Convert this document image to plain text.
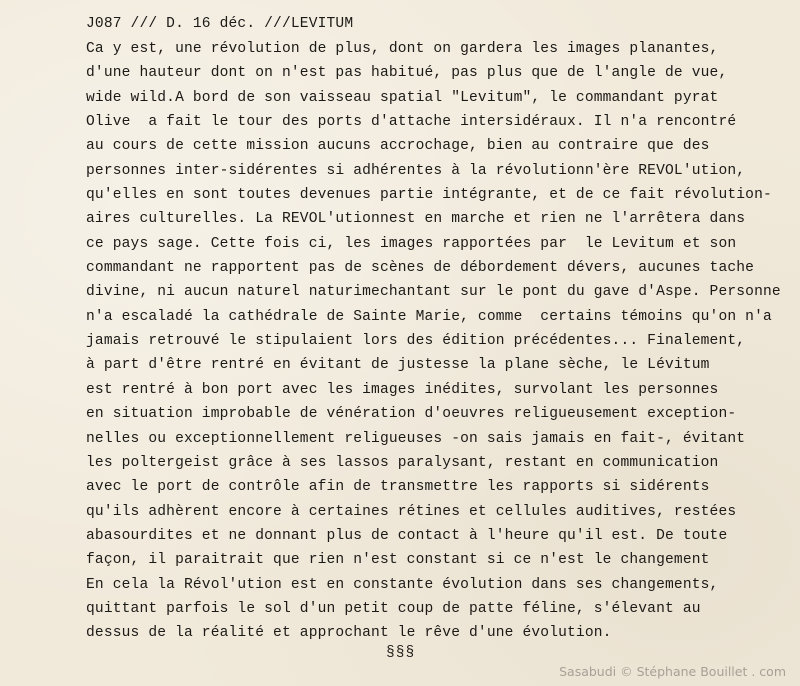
J087 /// D. 16 déc. ///LEVITUM
Ca y est, une révolution de plus, dont on gardera les images planantes,
d'une hauteur dont on n'est pas habitué, pas plus que de l'angle de vue,
wide wild.A bord de son vaisseau spatial "Levitum", le commandant pyrat
Olive  a fait le tour des ports d'attache intersidéraux. Il n'a rencontré
au cours de cette mission aucuns accrochage, bien au contraire que des
personnes inter-sidérentes si adhérentes à la révolutionn'ère REVOL'ution,
qu'elles en sont toutes devenues partie intégrante, et de ce fait révolution-
aires culturelles. La REVOL'utionnest en marche et rien ne l'arrêtera dans
ce pays sage. Cette fois ci, les images rapportées par  le Levitum et son
commandant ne rapportent pas de scènes de débordement dévers, aucunes tache
divine, ni aucun naturel naturimechantant sur le pont du gave d'Aspe. Personne
n'a escaladé la cathédrale de Sainte Marie, comme  certains témoins qu'on n'a
jamais retrouvé le stipulaient lors des édition précédentes... Finalement,
à part d'être rentré en évitant de justesse la plane sèche, le Lévitum
est rentré à bon port avec les images inédites, survolant les personnes
en situation improbable de vénération d'oeuvres religueusement exception-
nelles ou exceptionnellement religueuses -on sais jamais en fait-, évitant
les poltergeist grâce à ses lassos paralysant, restant en communication
avec le port de contrôle afin de transmettre les rapports si sidérents
qu'ils adhèrent encore à certaines rétines et cellules auditives, restées
abasourdites et ne donnant plus de contact à l'heure qu'il est. De toute
façon, il paraitrait que rien n'est constant si ce n'est le changement
En cela la Révol'ution est en constante évolution dans ses changements,
quittant parfois le sol d'un petit coup de patte féline, s'élevant au
dessus de la réalité et approchant le rêve d'une évolution.
§§§
Sasabudi © Stéphane Bouillet . com
